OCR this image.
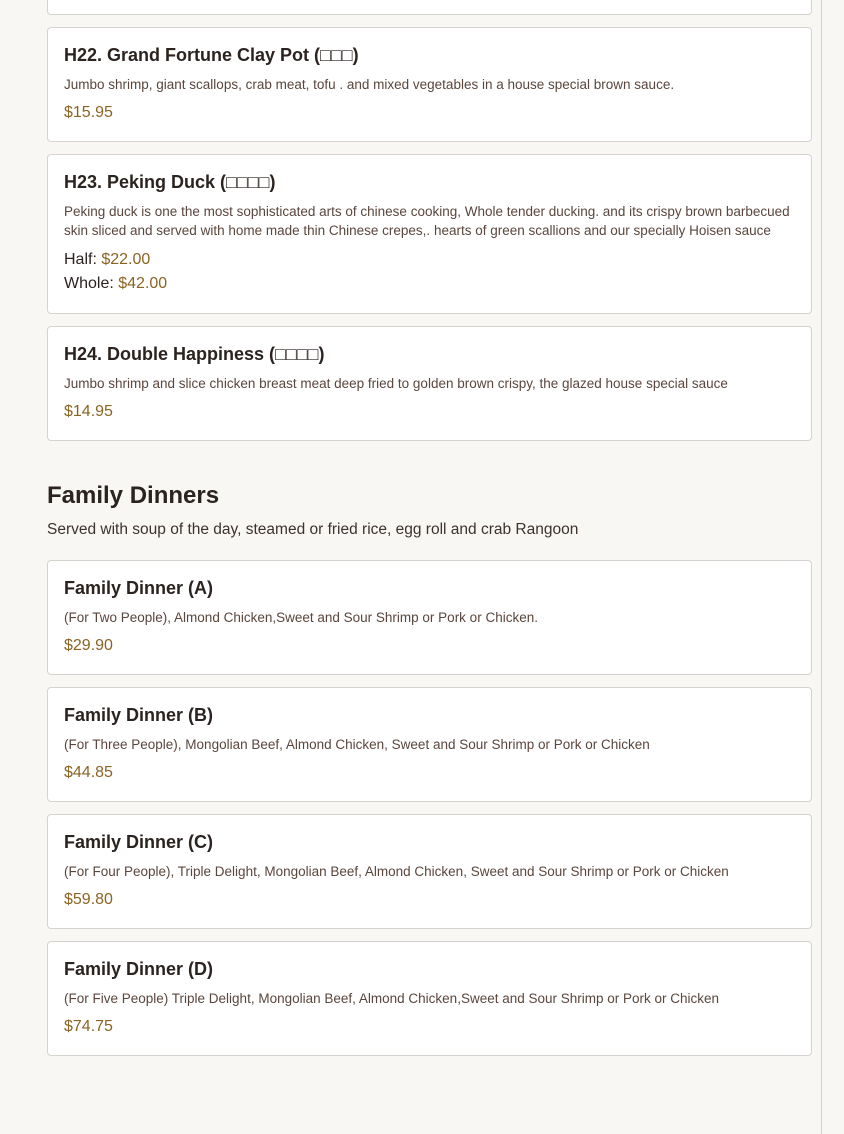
H22. Grand Fortune Clay Pot (□□□)
Jumbo shrimp, giant scallops, crab meat, tofu . and mixed vegetables in a house special brown sauce.
$15.95
H23. Peking Duck (□□□□)
Peking duck is one the most sophisticated arts of chinese cooking, Whole tender ducking. and its crispy brown barbecued skin sliced and served with home made thin Chinese crepes,. hearts of green scallions and our specially Hoisen sauce
Half: $22.00
Whole: $42.00
H24. Double Happiness (□□□□)
Jumbo shrimp and slice chicken breast meat deep fried to golden brown crispy, the glazed house special sauce
$14.95
Family Dinners
Served with soup of the day, steamed or fried rice, egg roll and crab Rangoon
Family Dinner (A)
(For Two People), Almond Chicken,Sweet and Sour Shrimp or Pork or Chicken.
$29.90
Family Dinner (B)
(For Three People), Mongolian Beef, Almond Chicken, Sweet and Sour Shrimp or Pork or Chicken
$44.85
Family Dinner (C)
(For Four People), Triple Delight, Mongolian Beef, Almond Chicken, Sweet and Sour Shrimp or Pork or Chicken
$59.80
Family Dinner (D)
(For Five People) Triple Delight, Mongolian Beef, Almond Chicken,Sweet and Sour Shrimp or Pork or Chicken
$74.75
